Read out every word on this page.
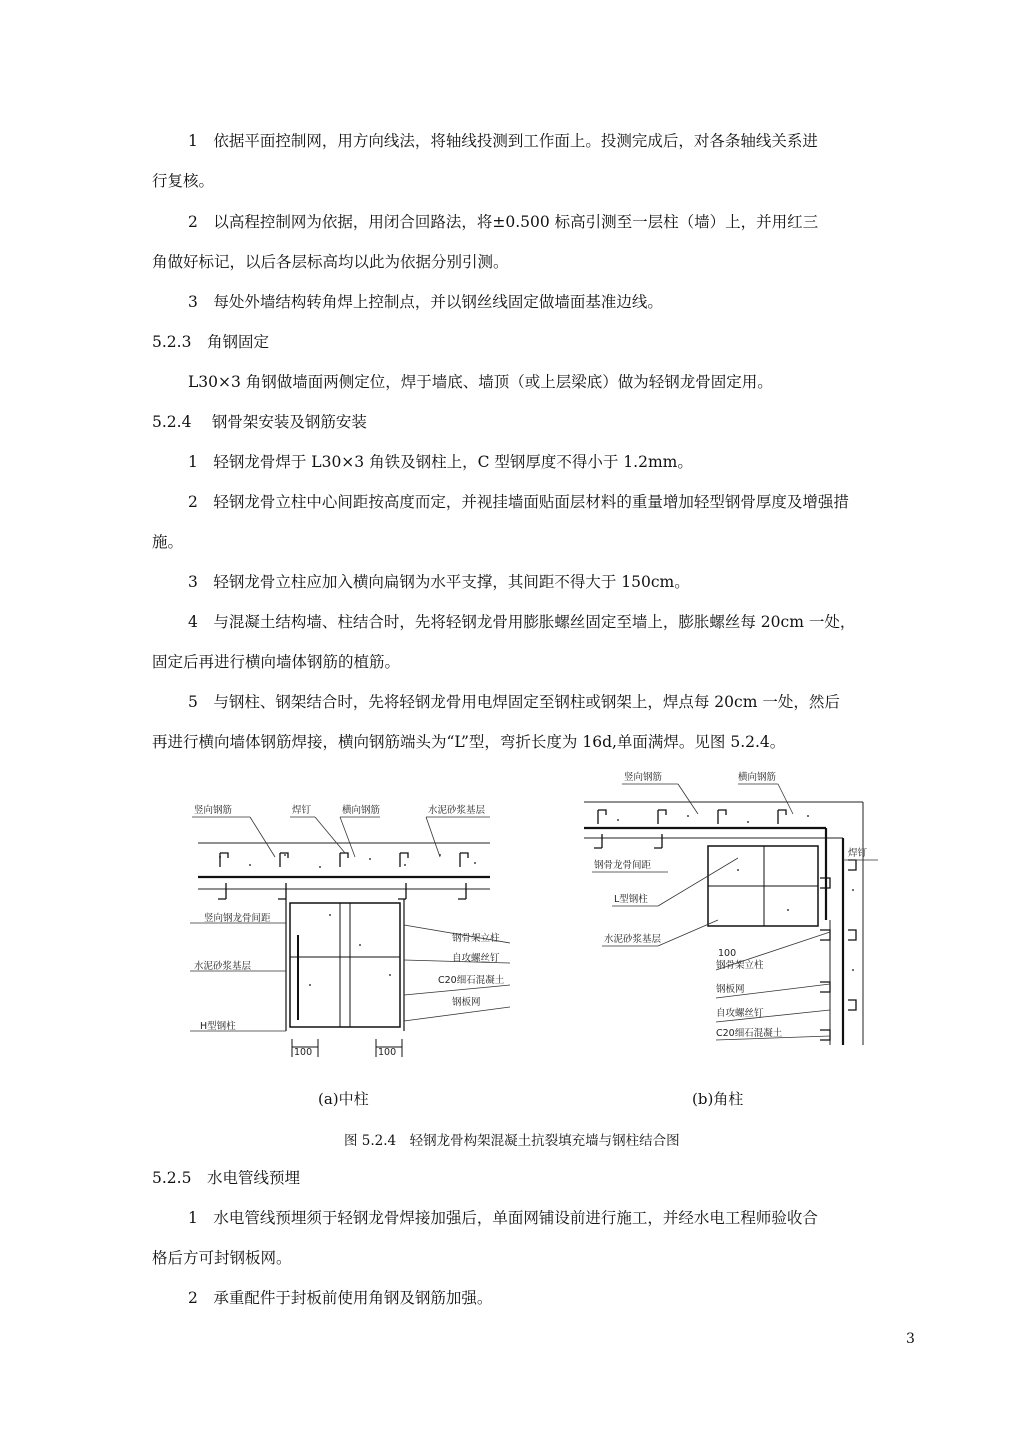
1　依据平面控制网，用方向线法，将轴线投测到工作面上。投测完成后，对各条轴线关系进
行复核。
2　以高程控制网为依据，用闭合回路法，将±0.500 标高引测至一层柱（墙）上，并用红三
角做好标记，以后各层标高均以此为依据分别引测。
3　每处外墙结构转角焊上控制点，并以钢丝线固定做墙面基准边线。
5.2.3　角钢固定
L30×3 角钢做墙面两侧定位，焊于墙底、墙顶（或上层梁底）做为轻钢龙骨固定用。
5.2.4　 钢骨架安装及钢筋安装
1　轻钢龙骨焊于 L30×3 角铁及钢柱上，C 型钢厚度不得小于 1.2mm。
2　轻钢龙骨立柱中心间距按高度而定，并视挂墙面贴面层材料的重量增加轻型钢骨厚度及增强措
施。
3　轻钢龙骨立柱应加入横向扁钢为水平支撑，其间距不得大于 150cm。
4　与混凝土结构墙、柱结合时，先将轻钢龙骨用膨胀螺丝固定至墙上，膨胀螺丝每 20cm 一处，
固定后再进行横向墙体钢筋的植筋。
5　与钢柱、钢架结合时，先将轻钢龙骨用电焊固定至钢柱或钢架上，焊点每 20cm 一处，然后
再进行横向墙体钢筋焊接，横向钢筋端头为“L”型，弯折长度为 16d,单面满焊。见图 5.2.4。
竖向钢筋	焊钉	横向钢筋	水泥砂浆基层
竖向钢龙骨间距
水泥砂浆基层
H型钢柱
钢骨架立柱
自攻螺丝钉
C20细石混凝土
钢板网
100	100
竖向钢筋	横向钢筋
焊钉
钢骨龙骨间距
L型钢柱
水泥砂浆基层
钢骨架立柱
钢板网
自攻螺丝钉
C20细石混凝土
100
(a)中柱	(b)角柱
图 5.2.4　轻钢龙骨构架混凝土抗裂填充墙与钢柱结合图
5.2.5　水电管线预埋
1　水电管线预埋须于轻钢龙骨焊接加强后，单面网铺设前进行施工，并经水电工程师验收合
格后方可封钢板网。
2　承重配件于封板前使用角钢及钢筋加强。
3
